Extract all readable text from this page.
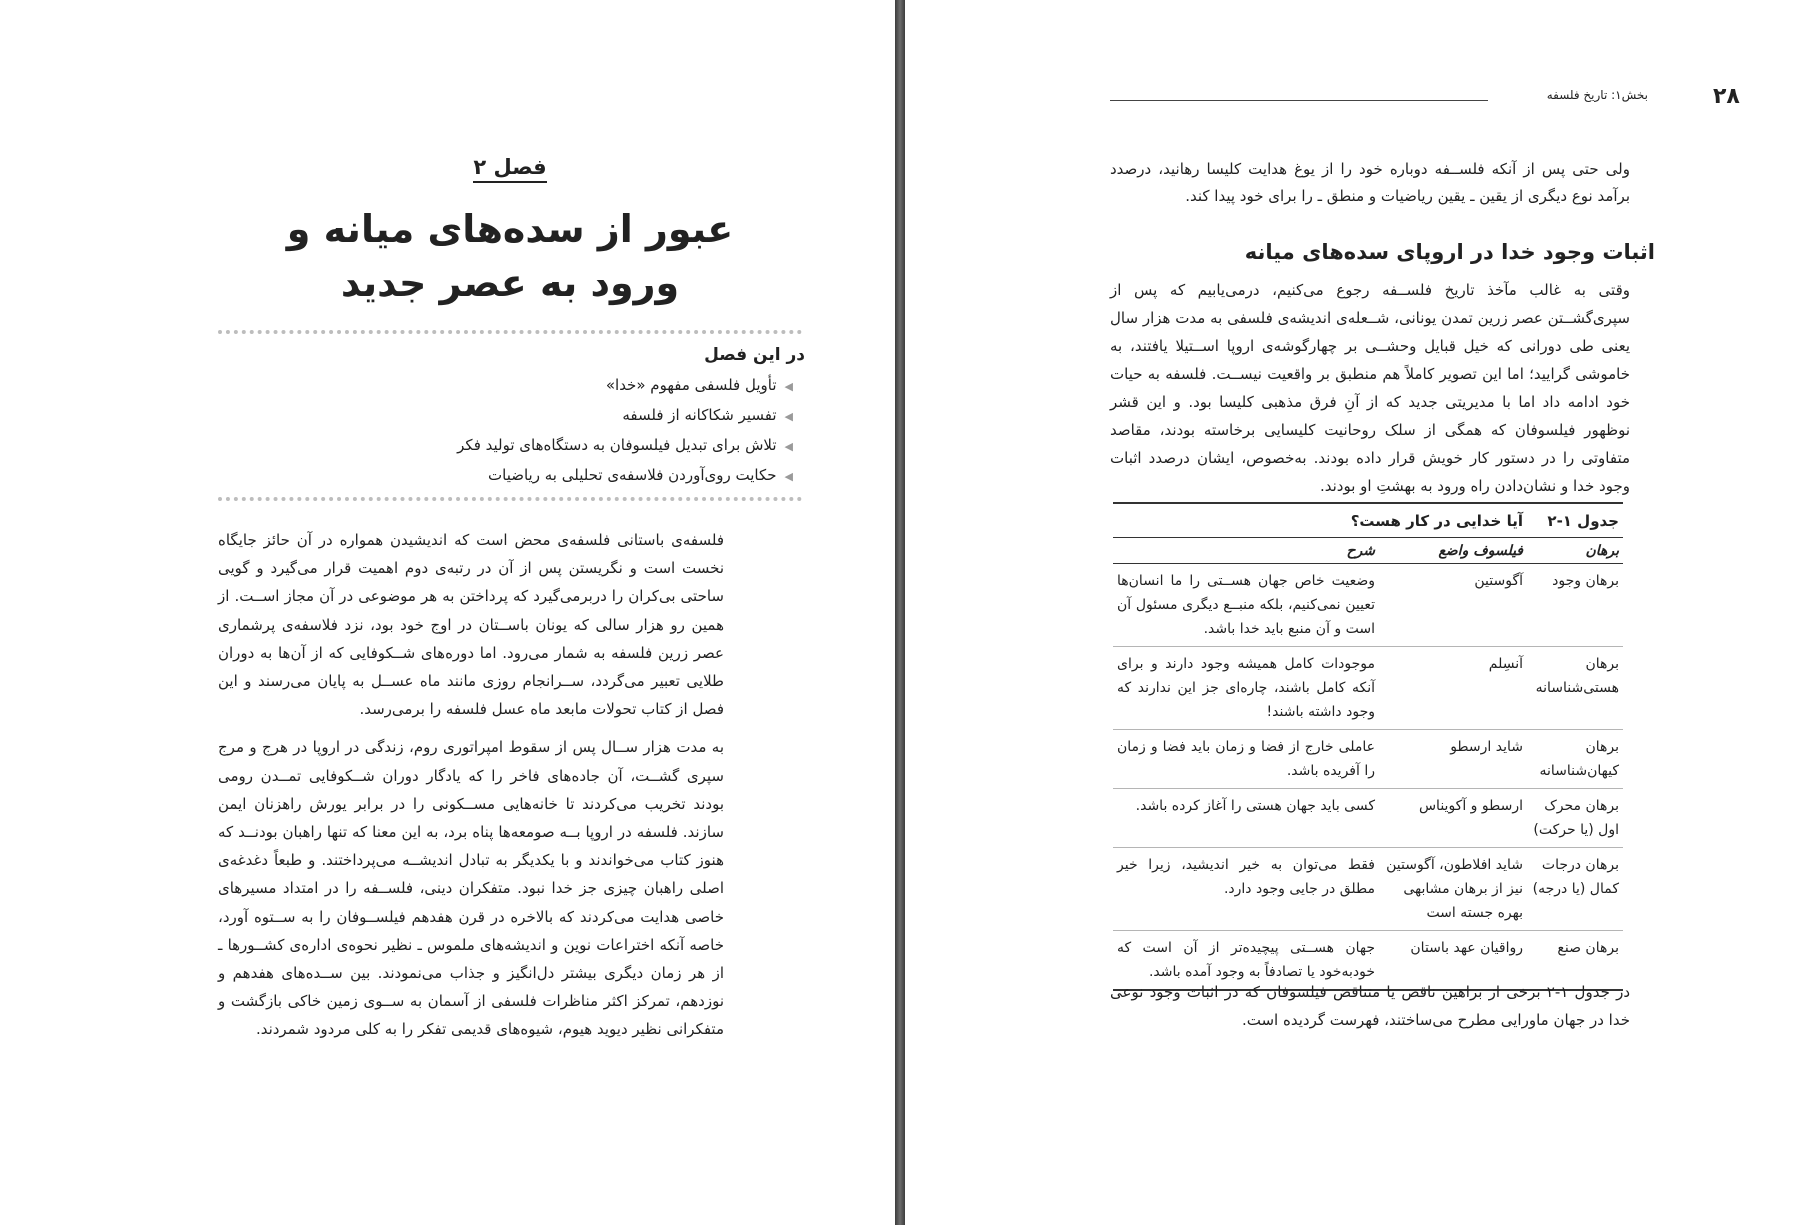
فصل ۲
عبور از سده‌های میانه و
ورود به عصر جدید
در این فصل
◀تأویل فلسفی مفهوم «خدا»
◀تفسیر شکاکانه از فلسفه
◀تلاش برای تبدیل فیلسوفان به دستگاه‌های تولید فکر
◀حکایت روی‌آوردن فلاسفه‌ی تحلیلی به ریاضیات

فلسفه‌ی باستانی فلسفه‌ی محض است که اندیشیدن همواره در آن حائز جایگاه نخست است و نگریستن پس از آن در رتبه‌ی دوم اهمیت قرار می‌گیرد و گویی ساحتی بی‌کران را دربرمی‌گیرد که پرداختن به هر موضوعی در آن مجاز اســت. از همین رو هزار سالی که یونان باســتان در اوج خود بود، نزد فلاسفه‌ی پرشماری عصر زرین فلسفه به شمار می‌رود. اما دوره‌های شــکوفایی که از آن‌ها به دوران طلایی تعبیر می‌گردد، ســرانجام روزی مانند ماه عســل به پایان می‌رسند و این فصل از کتاب تحولات مابعد ماه عسل فلسفه را برمی‌رسد.

به مدت هزار ســال پس از سقوط امپراتوری روم، زندگی در اروپا در هرج و مرج سپری گشــت، آن جاده‌های فاخر را که یادگار دوران شــکوفایی تمــدن رومی بودند تخریب می‌کردند تا خانه‌هایی مســکونی را در برابر یورش راهزنان ایمن سازند. فلسفه در اروپا بــه صومعه‌ها پناه برد، به این معنا که تنها راهبان بودنــد که هنوز کتاب می‌خواندند و با یکدیگر به تبادل اندیشــه می‌پرداختند. و طبعاً دغدغه‌ی اصلی راهبان چیزی جز خدا نبود. متفکران دینی، فلســفه را در امتداد مسیرهای خاصی هدایت می‌کردند که بالاخره در قرن هفدهم فیلســوفان را به ســتوه آورد، خاصه آنکه اختراعات نوین و اندیشه‌های ملموس ـ نظیر نحوه‌ی اداره‌ی کشــورها ـ از هر زمان دیگری بیشتر دل‌انگیز و جذاب می‌نمودند. بین ســده‌های هفدهم و نوزدهم، تمرکز اکثر مناظرات فلسفی از آسمان به ســوی زمین خاکی بازگشت و متفکرانی نظیر دیوید هیوم، شیوه‌های قدیمی تفکر را به کلی مردود شمردند.

بخش۱: تاریخ فلسفه	۲۸

ولی حتی پس از آنکه فلســفه دوباره خود را از یوغ هدایت کلیسا رهانید، درصدد برآمد نوع دیگری از یقین ـ یقین ریاضیات و منطق ـ را برای خود پیدا کند.

اثبات وجود خدا در اروپای سده‌های میانه

وقتی به غالب مآخذ تاریخ فلســفه رجوع می‌کنیم، درمی‌یابیم که پس از سپری‌گشــتن عصر زرین تمدن یونانی، شــعله‌ی اندیشه‌ی فلسفی به مدت هزار سال یعنی طی دورانی که خیل قبایل وحشــی بر چهارگوشه‌ی اروپا اســتیلا یافتند، به خاموشی گرایید؛ اما این تصویر کاملاً هم منطبق بر واقعیت نیســت. فلسفه به حیات خود ادامه داد اما با مدیریتی جدید که از آنِ فرق مذهبی کلیسا بود. و این قشر نوظهور فیلسوفان که همگی از سلک روحانیت کلیسایی برخاسته بودند، مقاصد متفاوتی را در دستور کار خویش قرار داده بودند. به‌خصوص، ایشان درصدد اثبات وجود خدا و نشان‌دادن راه ورود به بهشتِ او بودند.

جدول ۱-۲	آیا خدایی در کار هست؟	
برهان	فیلسوف واضع	شرح
برهان وجود	آگوستین	وضعیت خاص جهان هســتی را ما انسان‌ها تعیین نمی‌کنیم، بلکه منبــع دیگری مسئول آن است و آن منبع باید خدا باشد.
برهان هستی‌شناسانه	آنسِلم	موجودات کامل همیشه وجود دارند و برای آنکه کامل باشند، چاره‌ای جز این ندارند که وجود داشته باشند!
برهان کیهان‌شناسانه	شاید ارسطو	عاملی خارج از فضا و زمان باید فضا و زمان را آفریده باشد.
برهان محرک اول (یا حرکت)	ارسطو و آکویناس	کسی باید جهان هستی را آغاز کرده باشد.
برهان درجات کمال (یا درجه)	شاید افلاطون، آگوستین نیز از برهان مشابهی بهره جسته است	فقط می‌توان به خیر اندیشید، زیرا خیر مطلق در جایی وجود دارد.
برهان صنع	رواقیان عهد باستان	جهان هســتی پیچیده‌تر از آن است که خودبه‌خود یا تصادفاً به وجود آمده باشد.

در جدول ۱-۲ برخی از براهین ناقص یا متناقض فیلسوفان که در اثبات وجود نوعی خدا در جهان ماورایی مطرح می‌ساختند، فهرست گردیده است.
